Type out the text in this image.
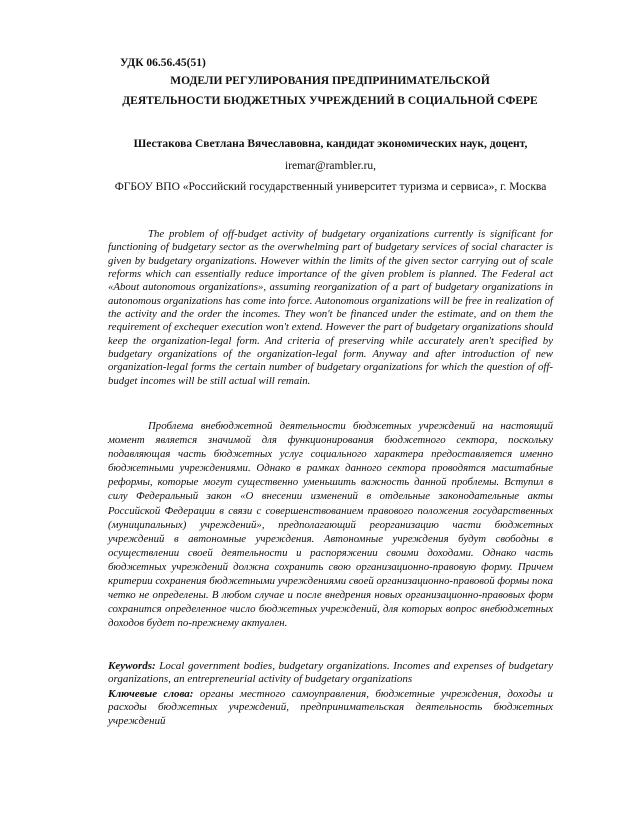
УДК 06.56.45(51)
МОДЕЛИ РЕГУЛИРОВАНИЯ ПРЕДПРИНИМАТЕЛЬСКОЙ
ДЕЯТЕЛЬНОСТИ БЮДЖЕТНЫХ УЧРЕЖДЕНИЙ В СОЦИАЛЬНОЙ СФЕРЕ
Шестакова Светлана Вячеславовна, кандидат экономических наук, доцент,
iremar@rambler.ru,
ФГБОУ ВПО «Российский государственный университет туризма и сервиса», г. Москва
The problem of off-budget activity of budgetary organizations currently is significant for functioning of budgetary sector as the overwhelming part of budgetary services of social character is given by budgetary organizations. However within the limits of the given sector carrying out of scale reforms which can essentially reduce importance of the given problem is planned. The Federal act «About autonomous organizations», assuming reorganization of a part of budgetary organizations in autonomous organizations has come into force. Autonomous organizations will be free in realization of the activity and the order the incomes. They won't be financed under the estimate, and on them the requirement of exchequer execution won't extend. However the part of budgetary organizations should keep the organization-legal form. And criteria of preserving while accurately aren't specified by budgetary organizations of the organization-legal form. Anyway and after introduction of new organization-legal forms the certain number of budgetary organizations for which the question of off-budget incomes will be still actual will remain.
Проблема внебюджетной деятельности бюджетных учреждений на настоящий момент является значимой для функционирования бюджетного сектора, поскольку подавляющая часть бюджетных услуг социального характера предоставляется именно бюджетными учреждениями. Однако в рамках данного сектора проводятся масштабные реформы, которые могут существенно уменьшить важность данной проблемы. Вступил в силу Федеральный закон «О внесении изменений в отдельные законодательные акты Российской Федерации в связи с совершенствованием правового положения государственных (муниципальных) учреждений», предполагающий реорганизацию части бюджетных учреждений в автономные учреждения. Автономные учреждения будут свободны в осуществлении своей деятельности и распоряжении своими доходами. Однако часть бюджетных учреждений должна сохранить свою организационно-правовую форму. Причем критерии сохранения бюджетными учреждениями своей организационно-правовой формы пока четко не определены. В любом случае и после внедрения новых организационно-правовых форм сохранится определенное число бюджетных учреждений, для которых вопрос внебюджетных доходов будет по-прежнему актуален.
Keywords: Local government bodies, budgetary organizations. Incomes and expenses of budgetary organizations, an entrepreneurial activity of budgetary organizations
Ключевые слова: органы местного самоуправления, бюджетные учреждения, доходы и расходы бюджетных учреждений, предпринимательская деятельность бюджетных учреждений
